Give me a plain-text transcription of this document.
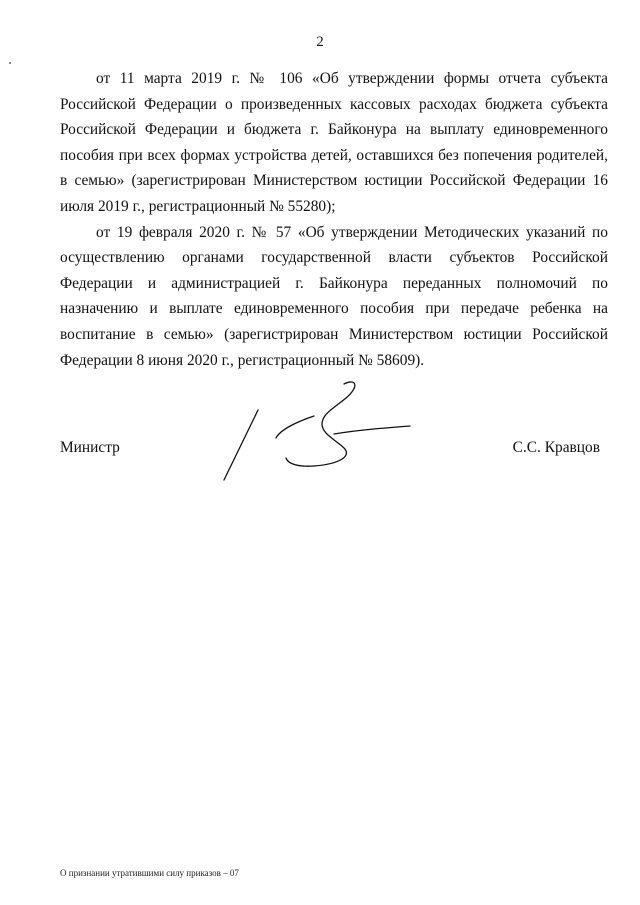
2

от 11 марта 2019 г. № 106 «Об утверждении формы отчета субъекта Российской Федерации о произведенных кассовых расходах бюджета субъекта Российской Федерации и бюджета г. Байконура на выплату единовременного пособия при всех формах устройства детей, оставшихся без попечения родителей, в семью» (зарегистрирован Министерством юстиции Российской Федерации 16 июля 2019 г., регистрационный № 55280);

от 19 февраля 2020 г. № 57 «Об утверждении Методических указаний по осуществлению органами государственной власти субъектов Российской Федерации и администрацией г. Байконура переданных полномочий по назначению и выплате единовременного пособия при передаче ребенка на воспитание в семью» (зарегистрирован Министерством юстиции Российской Федерации 8 июня 2020 г., регистрационный № 58609).

Министр	С.С. Кравцов
О признании утратившими силу приказов – 07
